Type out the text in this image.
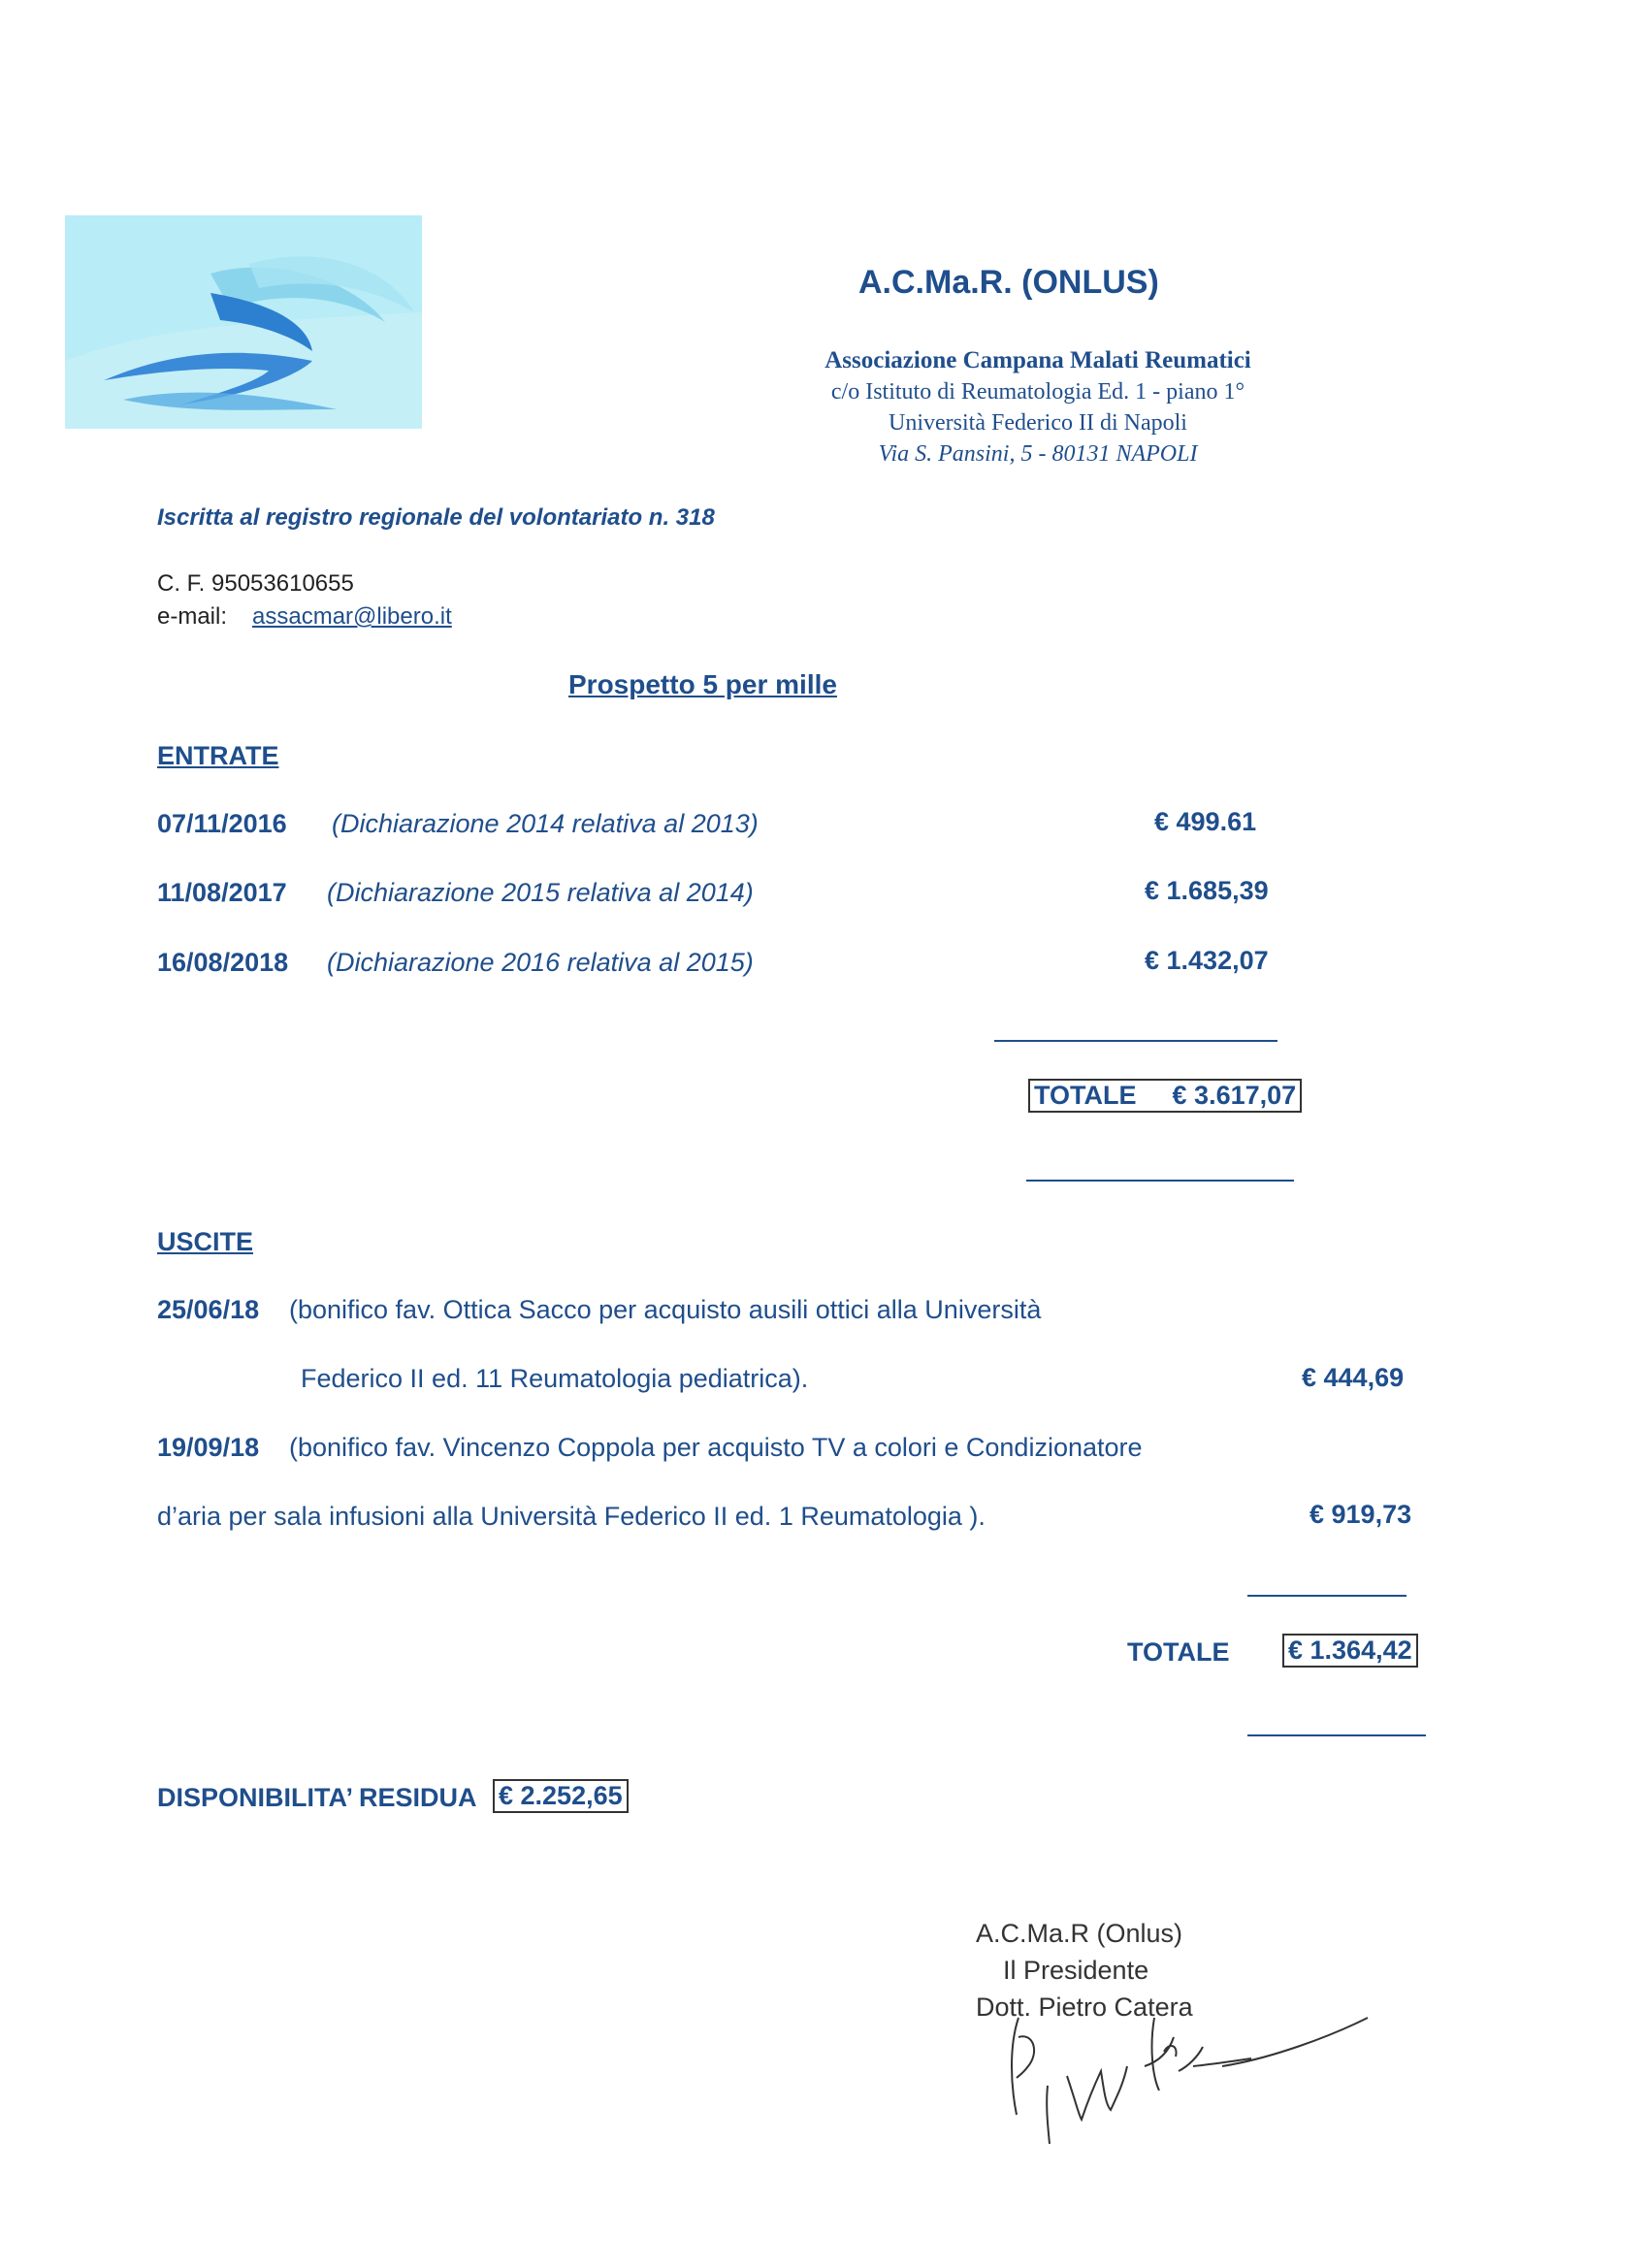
A.C.Ma.R. (ONLUS)
Associazione Campana Malati Reumatici
c/o Istituto di Reumatologia Ed. 1 - piano 1°
Università Federico II di Napoli
Via S. Pansini, 5 - 80131 NAPOLI
Iscritta al registro regionale del volontariato n. 318
C. F. 95053610655
e-mail: assacmar@libero.it
Prospetto 5 per mille
ENTRATE
07/11/2016 (Dichiarazione 2014 relativa al 2013)	€ 499.61
11/08/2017 (Dichiarazione 2015 relativa al 2014)	€ 1.685,39
16/08/2018 (Dichiarazione 2016 relativa al 2015)	€ 1.432,07
TOTALE € 3.617,07
USCITE
25/06/18 (bonifico fav. Ottica Sacco per acquisto ausili ottici alla Università
Federico II ed. 11 Reumatologia pediatrica).	€ 444,69
19/09/18 (bonifico fav. Vincenzo Coppola per acquisto TV a colori e Condizionatore
d’aria per sala infusioni alla Università Federico II ed. 1 Reumatologia ).	€ 919,73
TOTALE € 1.364,42
DISPONIBILITA’ RESIDUA € 2.252,65
A.C.Ma.R (Onlus)
Il Presidente
Dott. Pietro Catera
